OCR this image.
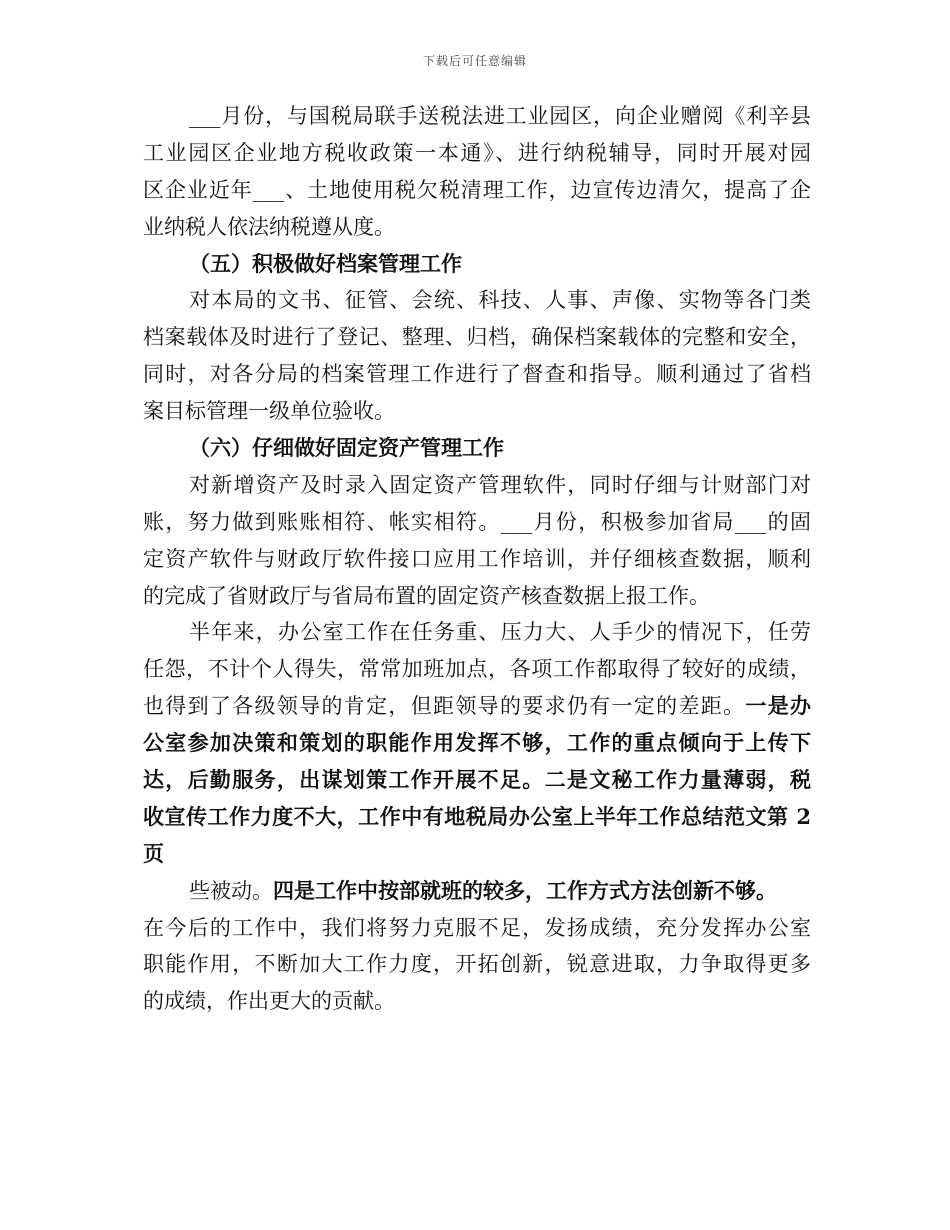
下载后可任意编辑
___月份，与国税局联手送税法进工业园区，向企业赠阅《利辛县
工业园区企业地方税收政策一本通》、进行纳税辅导，同时开展对园
区企业近年___、土地使用税欠税清理工作，边宣传边清欠，提高了企
业纳税人依法纳税遵从度。
（五）积极做好档案管理工作
对本局的文书、征管、会统、科技、人事、声像、实物等各门类
档案载体及时进行了登记、整理、归档，确保档案载体的完整和安全，
同时，对各分局的档案管理工作进行了督查和指导。顺利通过了省档
案目标管理一级单位验收。
（六）仔细做好固定资产管理工作
对新增资产及时录入固定资产管理软件，同时仔细与计财部门对
账，努力做到账账相符、帐实相符。___月份，积极参加省局___的固
定资产软件与财政厅软件接口应用工作培训，并仔细核查数据，顺利
的完成了省财政厅与省局布置的固定资产核查数据上报工作。
半年来，办公室工作在任务重、压力大、人手少的情况下，任劳
任怨，不计个人得失，常常加班加点，各项工作都取得了较好的成绩，
也得到了各级领导的肯定，但距领导的要求仍有一定的差距。一是办
公室参加决策和策划的职能作用发挥不够，工作的重点倾向于上传下
达，后勤服务，出谋划策工作开展不足。二是文秘工作力量薄弱，税
收宣传工作力度不大，工作中有地税局办公室上半年工作总结范文第 2
页
些被动。四是工作中按部就班的较多，工作方式方法创新不够。
在今后的工作中，我们将努力克服不足，发扬成绩，充分发挥办公室
职能作用，不断加大工作力度，开拓创新，锐意进取，力争取得更多
的成绩，作出更大的贡献。
